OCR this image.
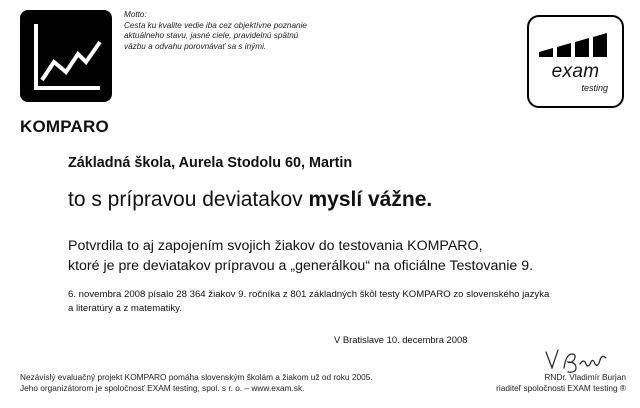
KOMPARO
Motto:
Cesta ku kvalite vedie iba cez objektívne poznanie
aktuálneho stavu, jasné ciele, pravidelnú spätnú
väzbu a odvahu porovnávať sa s inými.
exam
testing
Základná škola, Aurela Stodolu 60, Martin
to s prípravou deviatakov myslí vážne.
Potvrdila to aj zapojením svojich žiakov do testovania KOMPARO,
ktoré je pre deviatakov prípravou a „generálkou“ na oficiálne Testovanie 9.
6. novembra 2008 písalo 28 364 žiakov 9. ročníka z 801 základných škôl testy KOMPARO zo slovenského jazyka
a literatúry a z matematiky.
V Bratislave 10. decembra 2008
Nezávislý evaluačný projekt KOMPARO pomáha slovenským školám a žiakom už od roku 2005.
Jeho organizátorom je spoločnosť EXAM testing, spol. s r. o. – www.exam.sk.
RNDr. Vladimír Burjan
riaditeľ spoločnosti EXAM testing ®
